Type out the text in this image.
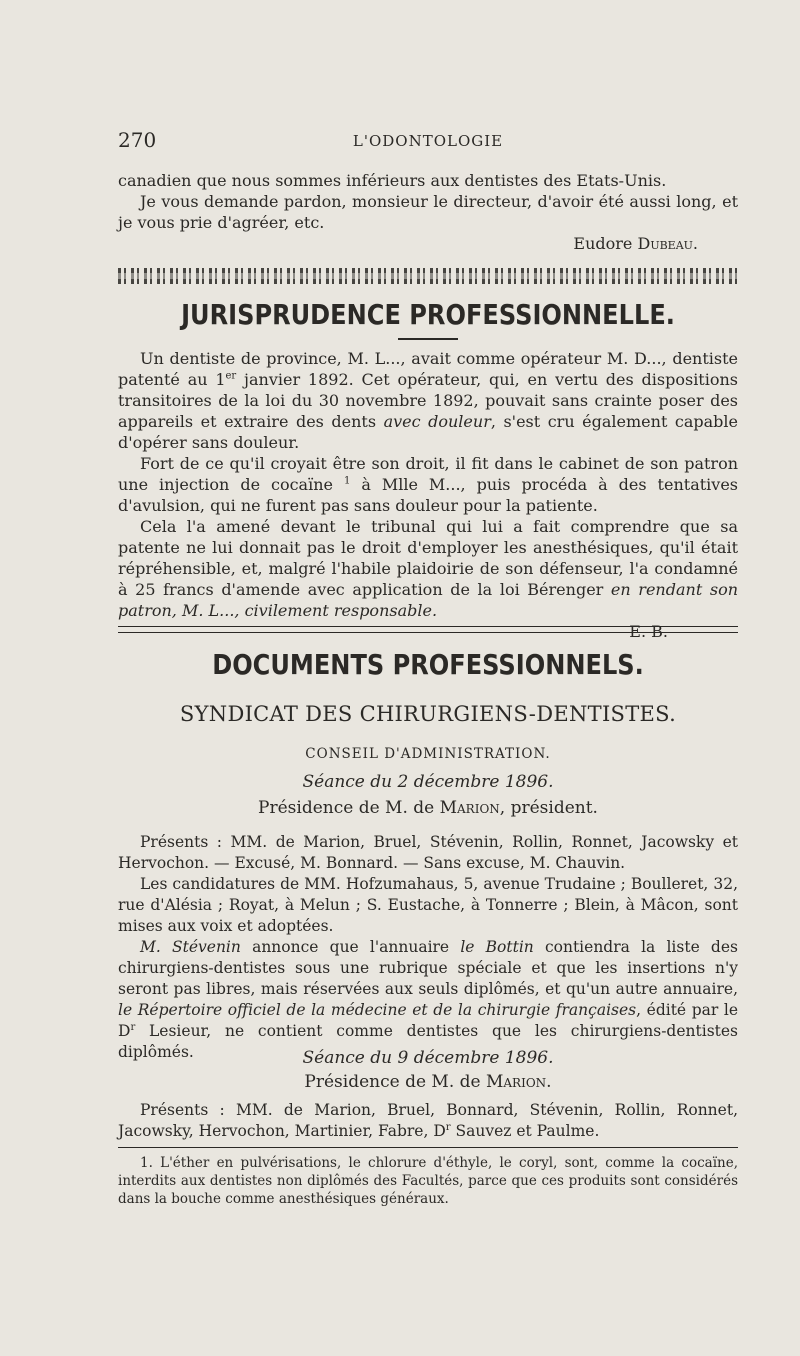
270	L'ODONTOLOGIE

canadien que nous sommes inférieurs aux dentistes des Etats-Unis.

Je vous demande pardon, monsieur le directeur, d'avoir été aussi long, et je vous prie d'agréer, etc.

Eudore Dubeau.

JURISPRUDENCE PROFESSIONNELLE.

Un dentiste de province, M. L..., avait comme opérateur M. D..., dentiste patenté au 1er janvier 1892. Cet opérateur, qui, en vertu des dispositions transitoires de la loi du 30 novembre 1892, pouvait sans crainte poser des appareils et extraire des dents avec douleur, s'est cru également capable d'opérer sans douleur.

Fort de ce qu'il croyait être son droit, il fit dans le cabinet de son patron une injection de cocaïne $^1$ à Mlle M..., puis procéda à des tentatives d'avulsion, qui ne furent pas sans douleur pour la patiente.

Cela l'a amené devant le tribunal qui lui a fait comprendre que sa patente ne lui donnait pas le droit d'employer les anesthésiques, qu'il était répréhensible, et, malgré l'habile plaidoirie de son défenseur, l'a condamné à 25 francs d'amende avec application de la loi Bérenger en rendant son patron, M. L..., civilement responsable.

E. B.

DOCUMENTS PROFESSIONNELS.
SYNDICAT DES CHIRURGIENS-DENTISTES.
CONSEIL D'ADMINISTRATION.
Séance du 2 décembre 1896.
Présidence de M. de Marion, président.

Présents : MM. de Marion, Bruel, Stévenin, Rollin, Ronnet, Jacowsky et Hervochon. — Excusé, M. Bonnard. — Sans excuse, M. Chauvin.

Les candidatures de MM. Hofzumahaus, 5, avenue Trudaine ; Boulleret, 32, rue d'Alésia ; Royat, à Melun ; S. Eustache, à Tonnerre ; Blein, à Mâcon, sont mises aux voix et adoptées.

M. Stévenin annonce que l'annuaire le Bottin contiendra la liste des chirurgiens-dentistes sous une rubrique spéciale et que les insertions n'y seront pas libres, mais réservées aux seuls diplômés, et qu'un autre annuaire, le Répertoire officiel de la médecine et de la chirurgie françaises, édité par le $D^r$ Lesieur, ne contient comme dentistes que les chirurgiens-dentistes diplômés.	Séance du 9 décembre 1896.
Présidence de M. de Marion.

Présents : MM. de Marion, Bruel, Bonnard, Stévenin, Rollin, Ronnet, Jacowsky, Hervochon, Martinier, Fabre, $D^r$ Sauvez et Paulme.

1. L'éther en pulvérisations, le chlorure d'éthyle, le coryl, sont, comme la cocaïne, interdits aux dentistes non diplômés des Facultés, parce que ces produits sont considérés dans la bouche comme anesthésiques généraux.
